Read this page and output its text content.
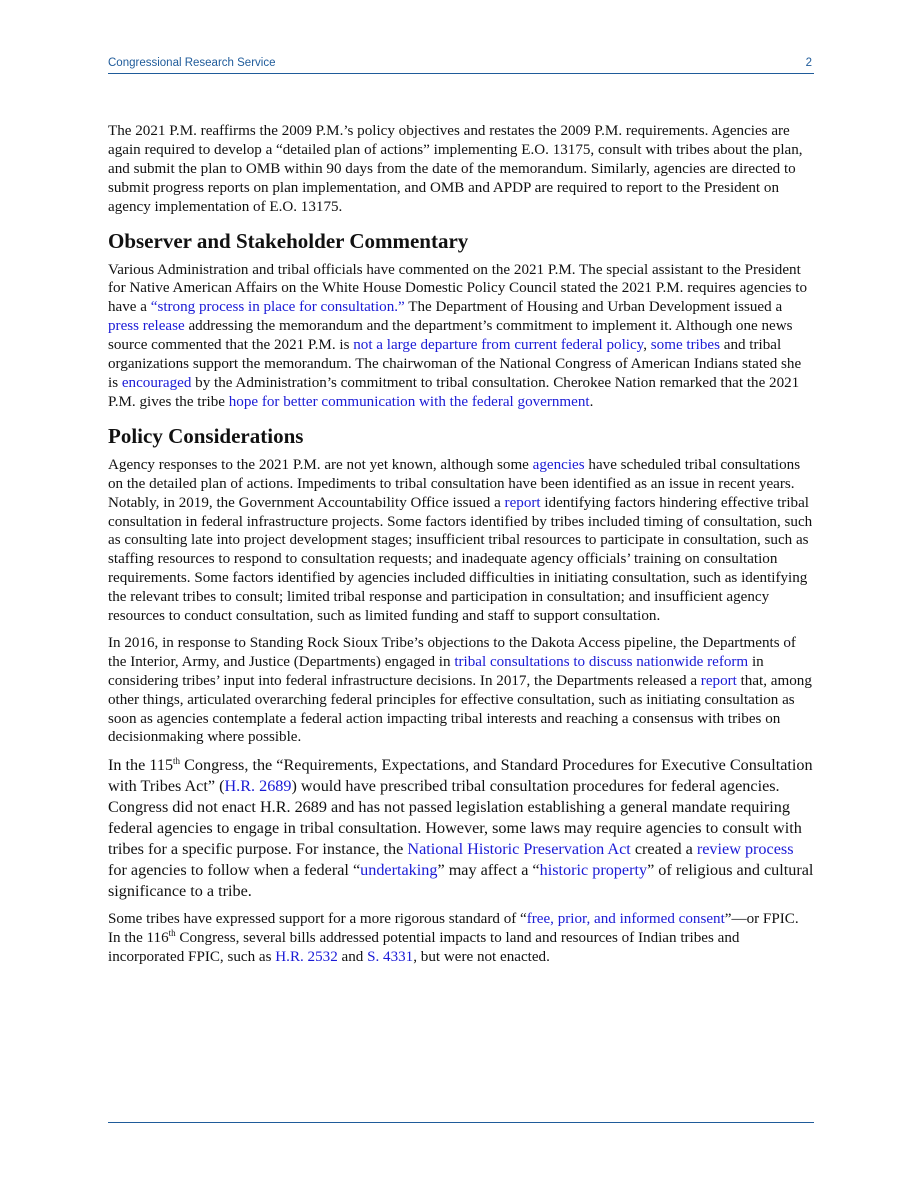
Congressional Research Service	2

The 2021 P.M. reaffirms the 2009 P.M.’s policy objectives and restates the 2009 P.M. requirements. Agencies are again required to develop a “detailed plan of actions” implementing E.O. 13175, consult with tribes about the plan, and submit the plan to OMB within 90 days from the date of the memorandum. Similarly, agencies are directed to submit progress reports on plan implementation, and OMB and APDP are required to report to the President on agency implementation of E.O. 13175.

Observer and Stakeholder Commentary

Various Administration and tribal officials have commented on the 2021 P.M. The special assistant to the President for Native American Affairs on the White House Domestic Policy Council stated the 2021 P.M. requires agencies to have a “strong process in place for consultation.” The Department of Housing and Urban Development issued a press release addressing the memorandum and the department’s commitment to implement it. Although one news source commented that the 2021 P.M. is not a large departure from current federal policy, some tribes and tribal organizations support the memorandum. The chairwoman of the National Congress of American Indians stated she is encouraged by the Administration’s commitment to tribal consultation. Cherokee Nation remarked that the 2021 P.M. gives the tribe hope for better communication with the federal government.

Policy Considerations

Agency responses to the 2021 P.M. are not yet known, although some agencies have scheduled tribal consultations on the detailed plan of actions. Impediments to tribal consultation have been identified as an issue in recent years. Notably, in 2019, the Government Accountability Office issued a report identifying factors hindering effective tribal consultation in federal infrastructure projects. Some factors identified by tribes included timing of consultation, such as consulting late into project development stages; insufficient tribal resources to participate in consultation, such as staffing resources to respond to consultation requests; and inadequate agency officials’ training on consultation requirements. Some factors identified by agencies included difficulties in initiating consultation, such as identifying the relevant tribes to consult; limited tribal response and participation in consultation; and insufficient agency resources to conduct consultation, such as limited funding and staff to support consultation.

In 2016, in response to Standing Rock Sioux Tribe’s objections to the Dakota Access pipeline, the Departments of the Interior, Army, and Justice (Departments) engaged in tribal consultations to discuss nationwide reform in considering tribes’ input into federal infrastructure decisions. In 2017, the Departments released a report that, among other things, articulated overarching federal principles for effective consultation, such as initiating consultation as soon as agencies contemplate a federal action impacting tribal interests and reaching a consensus with tribes on decisionmaking where possible.

In the 115th Congress, the “Requirements, Expectations, and Standard Procedures for Executive Consultation with Tribes Act” (H.R. 2689) would have prescribed tribal consultation procedures for federal agencies. Congress did not enact H.R. 2689 and has not passed legislation establishing a general mandate requiring federal agencies to engage in tribal consultation. However, some laws may require agencies to consult with tribes for a specific purpose. For instance, the National Historic Preservation Act created a review process for agencies to follow when a federal “undertaking” may affect a “historic property” of religious and cultural significance to a tribe.

Some tribes have expressed support for a more rigorous standard of “free, prior, and informed consent”—or FPIC. In the 116th Congress, several bills addressed potential impacts to land and resources of Indian tribes and incorporated FPIC, such as H.R. 2532 and S. 4331, but were not enacted.
